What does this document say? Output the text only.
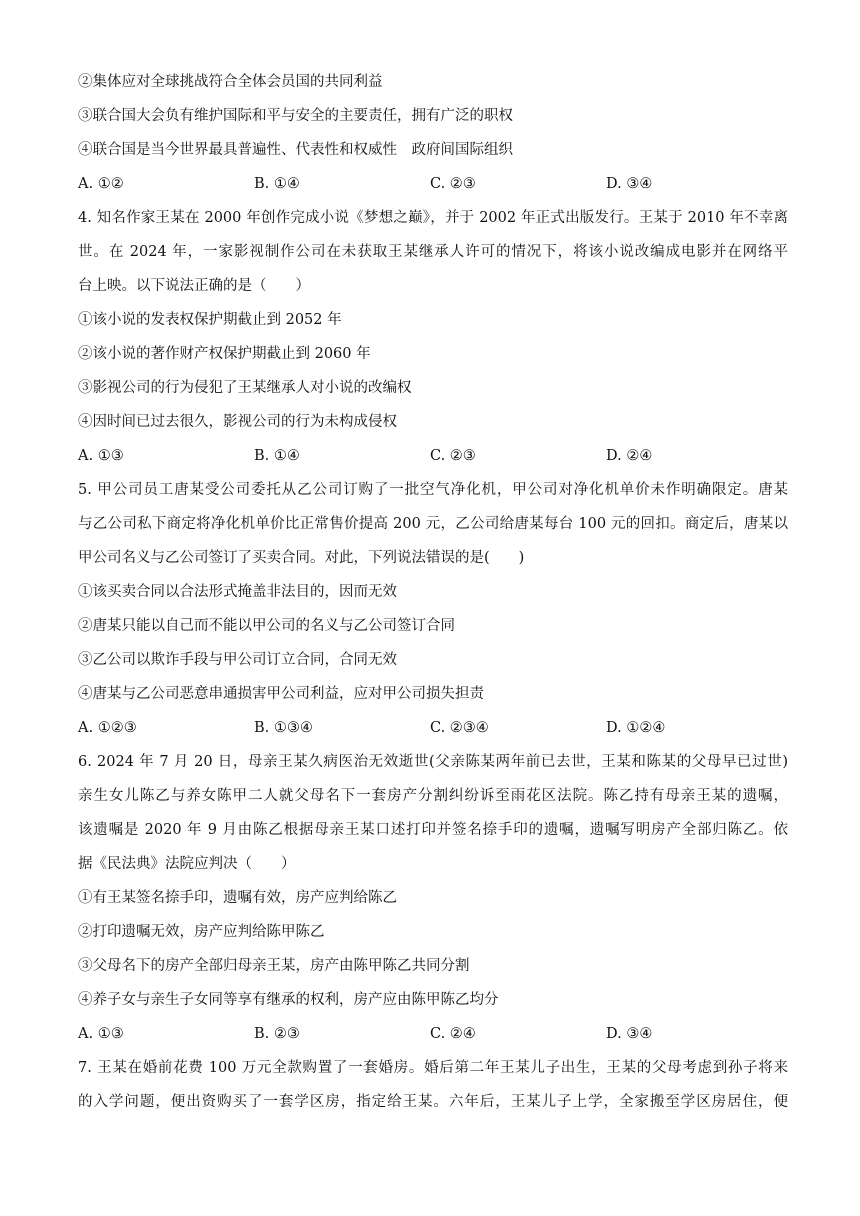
②集体应对全球挑战符合全体会员国的共同利益
③联合国大会负有维护国际和平与安全的主要责任，拥有广泛的职权
④联合国是当今世界最具普遍性、代表性和权威性　政府间国际组织
A. ①②	B. ①④	C. ②③	D. ③④
4. 知名作家王某在 2000 年创作完成小说《梦想之巅》，并于 2002 年正式出版发行。王某于 2010 年不幸离
世。在 2024 年，一家影视制作公司在未获取王某继承人许可的情况下，将该小说改编成电影并在网络平
台上映。以下说法正确的是（　　）
①该小说的发表权保护期截止到 2052 年
②该小说的著作财产权保护期截止到 2060 年
③影视公司的行为侵犯了王某继承人对小说的改编权
④因时间已过去很久，影视公司的行为未构成侵权
A. ①③	B. ①④	C. ②③	D. ②④
5. 甲公司员工唐某受公司委托从乙公司订购了一批空气净化机，甲公司对净化机单价未作明确限定。唐某
与乙公司私下商定将净化机单价比正常售价提高 200 元，乙公司给唐某每台 100 元的回扣。商定后，唐某以
甲公司名义与乙公司签订了买卖合同。对此，下列说法错误的是(　　)
①该买卖合同以合法形式掩盖非法目的，因而无效
②唐某只能以自己而不能以甲公司的名义与乙公司签订合同
③乙公司以欺诈手段与甲公司订立合同，合同无效
④唐某与乙公司恶意串通损害甲公司利益，应对甲公司损失担责
A. ①②③	B. ①③④	C. ②③④	D. ①②④
6. 2024 年 7 月 20 日，母亲王某久病医治无效逝世(父亲陈某两年前已去世，王某和陈某的父母早已过世)
亲生女儿陈乙与养女陈甲二人就父母名下一套房产分割纠纷诉至雨花区法院。陈乙持有母亲王某的遗嘱，
该遗嘱是 2020 年 9 月由陈乙根据母亲王某口述打印并签名捺手印的遗嘱，遗嘱写明房产全部归陈乙。依
据《民法典》法院应判决（　　）
①有王某签名捺手印，遗嘱有效，房产应判给陈乙
②打印遗嘱无效，房产应判给陈甲陈乙
③父母名下的房产全部归母亲王某，房产由陈甲陈乙共同分割
④养子女与亲生子女同等享有继承的权利，房产应由陈甲陈乙均分
A. ①③	B. ②③	C. ②④	D. ③④
7. 王某在婚前花费 100 万元全款购置了一套婚房。婚后第二年王某儿子出生，王某的父母考虑到孙子将来
的入学问题，便出资购买了一套学区房，指定给王某。六年后，王某儿子上学，全家搬至学区房居住，便
